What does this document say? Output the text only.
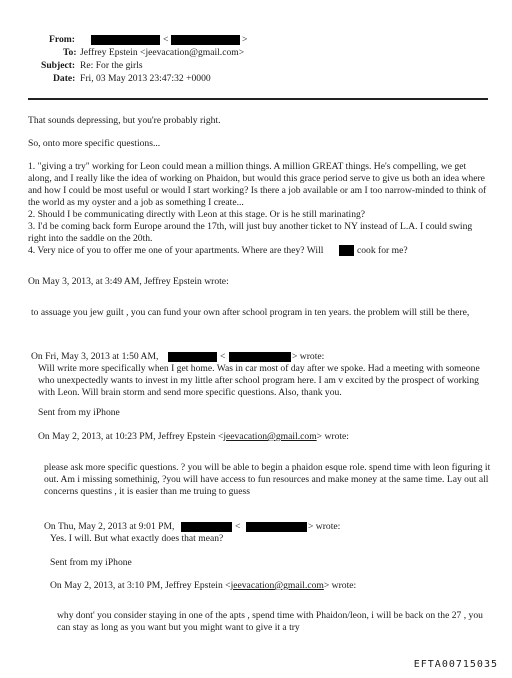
From:	<	>
To: Jeffrey Epstein <jeevacation@gmail.com>
Subject: Re: For the girls
Date: Fri, 03 May 2013 23:47:32 +0000
That sounds depressing, but you're probably right.
So, onto more specific questions...
1. "giving a try" working for Leon could mean a million things. A million GREAT things. He's compelling, we get along, and I really like the idea of working on Phaidon, but would this grace period serve to give us both an idea where and how I could be most useful or would I start working? Is there a job available or am I too narrow-minded to think of the world as my oyster and a job as something I create...
2. Should I be communicating directly with Leon at this stage. Or is he still marinating?
3. I'd be coming back form Europe around the 17th, will just buy another ticket to NY instead of L.A. I could swing right into the saddle on the 20th.
4. Very nice of you to offer me one of your apartments. Where are they? Will	cook for me?
On May 3, 2013, at 3:49 AM, Jeffrey Epstein wrote:
to assuage you jew guilt , you can fund your own after school program in ten years. the problem will still be there,
On Fri, May 3, 2013 at 1:50 AM,	<	> wrote:
Will write more specifically when I get home. Was in car most of day after we spoke. Had a meeting with someone who unexpectedly wants to invest in my little after school program here. I am v excited by the prospect of working with Leon. Will brain storm and send more specific questions. Also, thank you.
Sent from my iPhone
On May 2, 2013, at 10:23 PM, Jeffrey Epstein <jeevacation@gmail.com> wrote:
please ask more specific questions. ? you will be able to begin a phaidon esque role. spend time with leon figuring it out. Am i missing somethinig, ?you will have access to fun resources and make money at the same time. Lay out all concerns questins , it is easier than me truing to guess
On Thu, May 2, 2013 at 9:01 PM,	<	> wrote:
Yes. I will. But what exactly does that mean?
Sent from my iPhone
On May 2, 2013, at 3:10 PM, Jeffrey Epstein <jeevacation@gmail.com> wrote:
why dont' you consider staying in one of the apts , spend time with Phaidon/leon, i will be back on the 27 , you can stay as long as you want but you might want to give it a try
EFTA00715035
